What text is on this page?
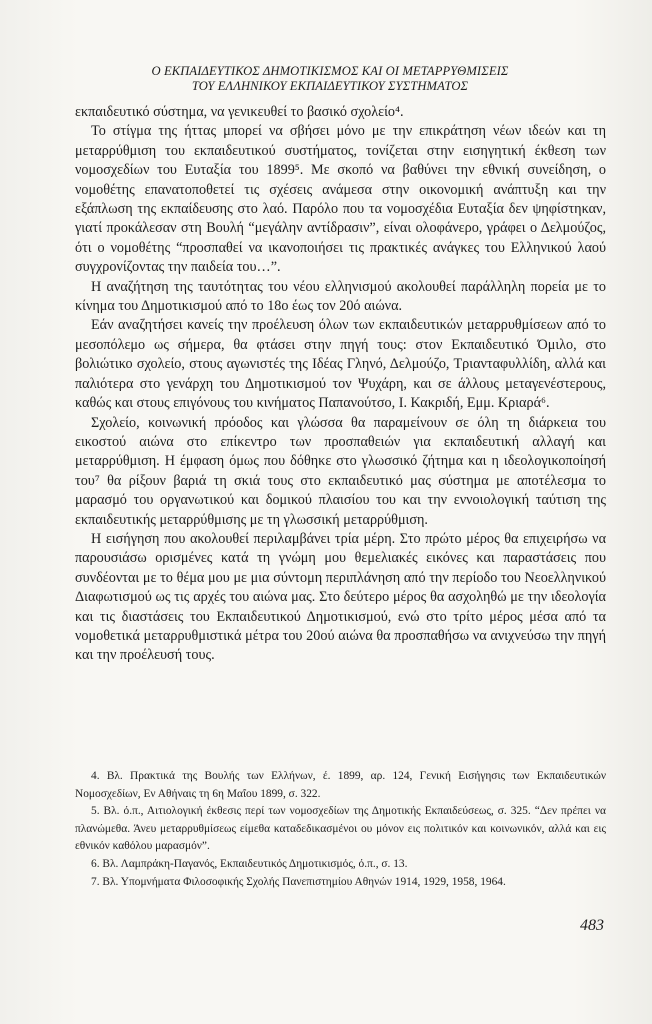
Ο ΕΚΠΑΙΔΕΥΤΙΚΟΣ ΔΗΜΟΤΙΚΙΣΜΟΣ ΚΑΙ ΟΙ ΜΕΤΑΡΡΥΘΜΙΣΕΙΣ
ΤΟΥ ΕΛΛΗΝΙΚΟΥ ΕΚΠΑΙΔΕΥΤΙΚΟΥ ΣΥΣΤΗΜΑΤΟΣ

εκπαιδευτικό σύστημα, να γενικευθεί το βασικό σχολείο⁴.

Το στίγμα της ήττας μπορεί να σβήσει μόνο με την επικράτηση νέων ιδεών και τη μεταρρύθμιση του εκπαιδευτικού συστήματος, τονίζεται στην εισηγητική έκθεση των νομοσχεδίων του Ευταξία του 1899⁵. Με σκοπό να βαθύνει την εθνική συνείδηση, ο νομοθέτης επανατοποθετεί τις σχέσεις ανάμεσα στην οικονομική ανάπτυξη και την εξάπλωση της εκπαίδευσης στο λαό. Παρόλο που τα νομοσχέδια Ευταξία δεν ψηφίστηκαν, γιατί προκάλεσαν στη Βουλή “μεγάλην αντίδρασιν”, είναι ολοφάνερο, γράφει ο Δελμούζος, ότι ο νομοθέτης “προσπαθεί να ικανοποιήσει τις πρακτικές ανάγκες του Ελληνικού λαού συγχρονίζοντας την παιδεία του…”.

Η αναζήτηση της ταυτότητας του νέου ελληνισμού ακολουθεί παράλληλη πορεία με το κίνημα του Δημοτικισμού από το 18ο έως τον 20ό αιώνα.

Εάν αναζητήσει κανείς την προέλευση όλων των εκπαιδευτικών μεταρρυθμίσεων από το μεσοπόλεμο ως σήμερα, θα φτάσει στην πηγή τους: στον Εκπαιδευτικό Όμιλο, στο βολιώτικο σχολείο, στους αγωνιστές της Ιδέας Γληνό, Δελμούζο, Τριανταφυλλίδη, αλλά και παλιότερα στο γενάρχη του Δημοτικισμού τον Ψυχάρη, και σε άλλους μεταγενέστερους, καθώς και στους επιγόνους του κινήματος Παπανούτσο, Ι. Κακριδή, Εμμ. Κριαρά⁶.

Σχολείο, κοινωνική πρόοδος και γλώσσα θα παραμείνουν σε όλη τη διάρκεια του εικοστού αιώνα στο επίκεντρο των προσπαθειών για εκπαιδευτική αλλαγή και μεταρρύθμιση. Η έμφαση όμως που δόθηκε στο γλωσσικό ζήτημα και η ιδεολογικοποίησή του⁷ θα ρίξουν βαριά τη σκιά τους στο εκπαιδευτικό μας σύστημα με αποτέλεσμα το μαρασμό του οργανωτικού και δομικού πλαισίου του και την εννοιολογική ταύτιση της εκπαιδευτικής μεταρρύθμισης με τη γλωσσική μεταρρύθμιση.

Η εισήγηση που ακολουθεί περιλαμβάνει τρία μέρη. Στο πρώτο μέρος θα επιχειρήσω να παρουσιάσω ορισμένες κατά τη γνώμη μου θεμελιακές εικόνες και παραστάσεις που συνδέονται με το θέμα μου με μια σύντομη περιπλάνηση από την περίοδο του Νεοελληνικού Διαφωτισμού ως τις αρχές του αιώνα μας. Στο δεύτερο μέρος θα ασχοληθώ με την ιδεολογία και τις διαστάσεις του Εκπαιδευτικού Δημοτικισμού, ενώ στο τρίτο μέρος μέσα από τα νομοθετικά μεταρρυθμιστικά μέτρα του 20ού αιώνα θα προσπαθήσω να ανιχνεύσω την πηγή και την προέλευσή τους.

4. Βλ. Πρακτικά της Βουλής των Ελλήνων, έ. 1899, αρ. 124, Γενική Εισήγησις των Εκπαιδευτικών Νομοσχεδίων, Εν Αθήναις τη 6η Μαΐου 1899, σ. 322.

5. Βλ. ό.π., Αιτιολογική έκθεσις περί των νομοσχεδίων της Δημοτικής Εκπαιδεύσεως, σ. 325. “Δεν πρέπει να πλανώμεθα. Άνευ μεταρρυθμίσεως είμεθα καταδεδικασμένοι ου μόνον εις πολιτικόν και κοινωνικόν, αλλά και εις εθνικόν καθόλου μαρασμόν”.

6. Βλ. Λαμπράκη-Παγανός, Εκπαιδευτικός Δημοτικισμός, ό.π., σ. 13.

7. Βλ. Υπομνήματα Φιλοσοφικής Σχολής Πανεπιστημίου Αθηνών 1914, 1929, 1958, 1964.

483
